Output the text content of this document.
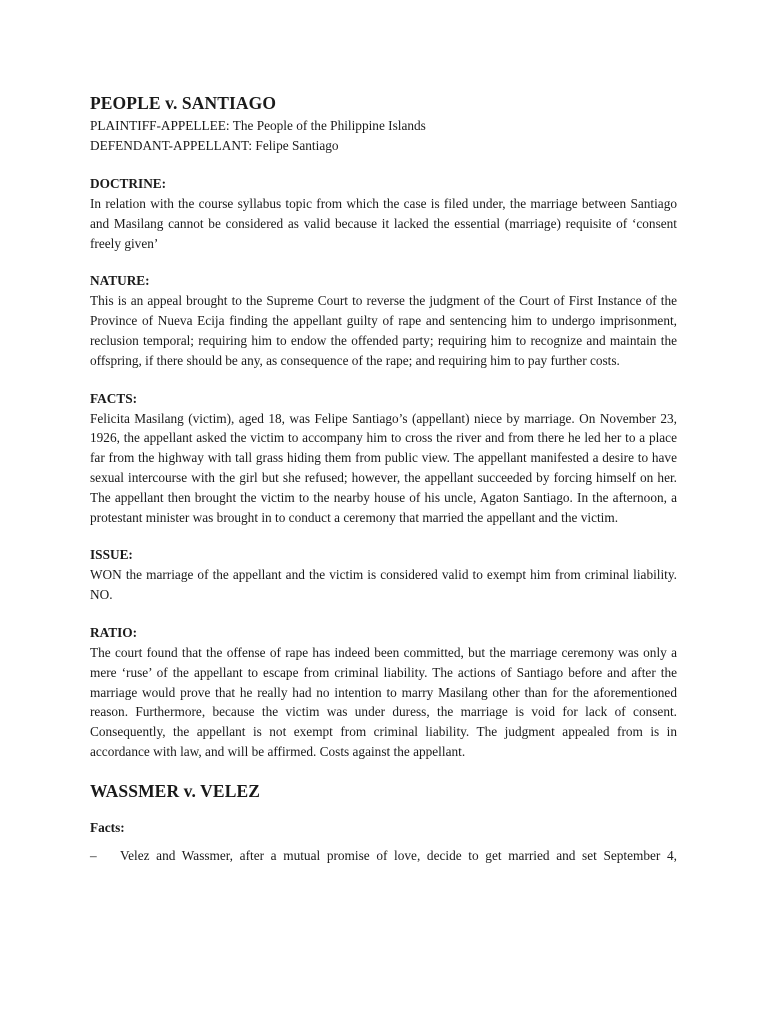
PEOPLE v. SANTIAGO

PLAINTIFF-APPELLEE: The People of the Philippine Islands

DEFENDANT-APPELLANT: Felipe Santiago

DOCTRINE:

In relation with the course syllabus topic from which the case is filed under, the marriage between Santiago and Masilang cannot be considered as valid because it lacked the essential (marriage) requisite of ‘consent freely given’

NATURE:

This is an appeal brought to the Supreme Court to reverse the judgment of the Court of First Instance of the Province of Nueva Ecija finding the appellant guilty of rape and sentencing him to undergo imprisonment, reclusion temporal; requiring him to endow the offended party; requiring him to recognize and maintain the offspring, if there should be any, as consequence of the rape; and requiring him to pay further costs.

FACTS:

Felicita Masilang (victim), aged 18, was Felipe Santiago’s (appellant) niece by marriage. On November 23, 1926, the appellant asked the victim to accompany him to cross the river and from there he led her to a place far from the highway with tall grass hiding them from public view. The appellant manifested a desire to have sexual intercourse with the girl but she refused; however, the appellant succeeded by forcing himself on her. The appellant then brought the victim to the nearby house of his uncle, Agaton Santiago. In the afternoon, a protestant minister was brought in to conduct a ceremony that married the appellant and the victim.

ISSUE:

WON the marriage of the appellant and the victim is considered valid to exempt him from criminal liability. NO.

RATIO:

The court found that the offense of rape has indeed been committed, but the marriage ceremony was only a mere ‘ruse’ of the appellant to escape from criminal liability. The actions of Santiago before and after the marriage would prove that he really had no intention to marry Masilang other than for the aforementioned reason. Furthermore, because the victim was under duress, the marriage is void for lack of consent. Consequently, the appellant is not exempt from criminal liability. The judgment appealed from is in accordance with law, and will be affirmed. Costs against the appellant.

WASSMER v. VELEZ

Facts:

–	Velez and Wassmer, after a mutual promise of love, decide to get married and set September 4,
